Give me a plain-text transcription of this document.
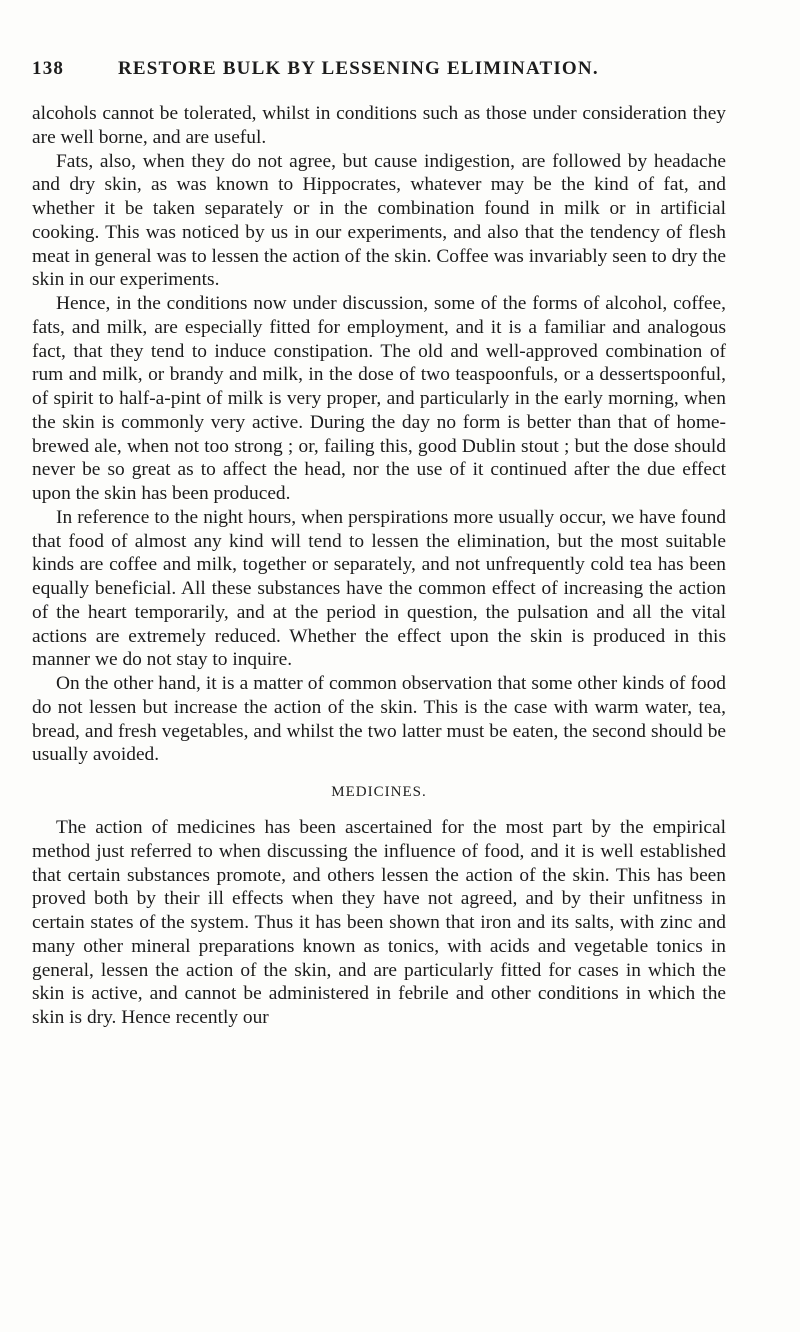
138	RESTORE BULK BY LESSENING ELIMINATION.

alcohols cannot be tolerated, whilst in conditions such as those under consideration they are well borne, and are useful.

Fats, also, when they do not agree, but cause indigestion, are followed by headache and dry skin, as was known to Hippocrates, whatever may be the kind of fat, and whether it be taken separately or in the combination found in milk or in artificial cooking. This was noticed by us in our experiments, and also that the tendency of flesh meat in general was to lessen the action of the skin. Coffee was invariably seen to dry the skin in our experiments.

Hence, in the conditions now under discussion, some of the forms of alcohol, coffee, fats, and milk, are especially fitted for employment, and it is a familiar and analogous fact, that they tend to induce constipation. The old and well-approved combination of rum and milk, or brandy and milk, in the dose of two teaspoonfuls, or a dessertspoonful, of spirit to half-a-pint of milk is very proper, and particularly in the early morning, when the skin is commonly very active. During the day no form is better than that of home-brewed ale, when not too strong ; or, failing this, good Dublin stout ; but the dose should never be so great as to affect the head, nor the use of it continued after the due effect upon the skin has been produced.

In reference to the night hours, when perspirations more usually occur, we have found that food of almost any kind will tend to lessen the elimination, but the most suitable kinds are coffee and milk, together or separately, and not unfrequently cold tea has been equally beneficial. All these substances have the common effect of increasing the action of the heart temporarily, and at the period in question, the pulsation and all the vital actions are extremely reduced. Whether the effect upon the skin is produced in this manner we do not stay to inquire.

On the other hand, it is a matter of common observation that some other kinds of food do not lessen but increase the action of the skin. This is the case with warm water, tea, bread, and fresh vegetables, and whilst the two latter must be eaten, the second should be usually avoided.

MEDICINES.

The action of medicines has been ascertained for the most part by the empirical method just referred to when discussing the influence of food, and it is well established that certain substances promote, and others lessen the action of the skin. This has been proved both by their ill effects when they have not agreed, and by their unfitness in certain states of the system. Thus it has been shown that iron and its salts, with zinc and many other mineral preparations known as tonics, with acids and vegetable tonics in general, lessen the action of the skin, and are particularly fitted for cases in which the skin is active, and cannot be administered in febrile and other conditions in which the skin is dry. Hence recently our
